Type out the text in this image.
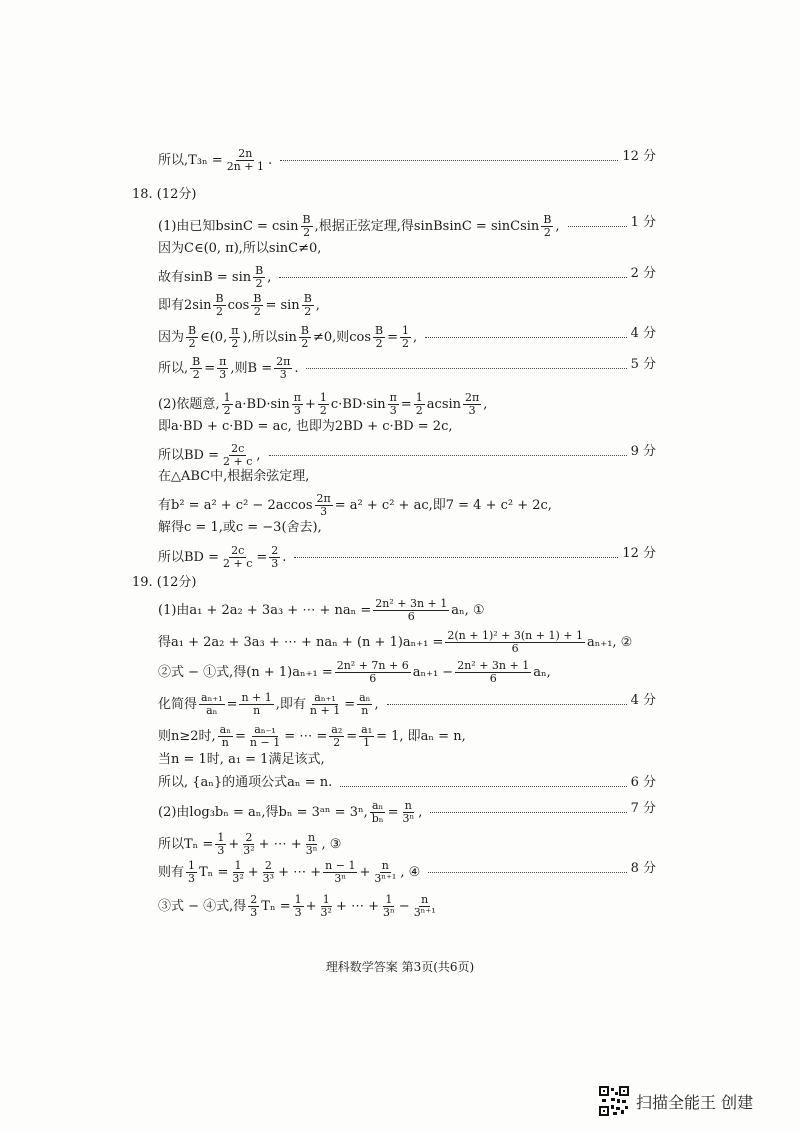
所以$,T_{3n} = \frac{2n}{2n + 1}$ .	12 分
18. (12分)
(1)由已知bsinC = csin $\frac{B}{2}$ ,根据正弦定理,得sinBsinC = sinCsin $\frac{B}{2}$ ,	1 分
因为C∈(0, π),所以sinC≠0,
故有$\sin B = \sin \frac{B}{2}$ ,	2 分
即有$2\sin \frac{B}{2}$ $\cos \frac{B}{2} = \sin \frac{B}{2}$ ,
因为 $\frac{B}{2}$ ∈(0, $\frac{\pi}{2}$ ),所以$\sin \frac{B}{2} \ne 0$,则$\cos \frac{B}{2} = \frac{1}{2}$ ,	4 分
所以, $\frac{B}{2} = \frac{\pi}{3}$ ,则$B = \frac{2\pi}{3}$ .	5 分
(2)依题意, $\frac{1}{2} a\cdot BD\cdot\sin \frac{\pi}{3} + \frac{1}{2} c\cdot BD\cdot\sin \frac{\pi}{3} = \frac{1}{2}$ acsin $\frac{2\pi}{3}$ ,
即a·BD + c·BD = ac, 也即为2BD + c·BD = 2c,
所以BD = $\frac{2c}{2 + c}$ ,	9 分
在△ABC中,根据余弦定理,
有$b^2 = a^2 + c^2 - 2accos \frac{2\pi}{3} = a^2 + c^2$ + ac,即7 = 4 + c² + 2c,
解得c = 1,或c = −3(舍去),
所以BD = $\frac{2c}{2 + c} = \frac{2}{3}$ .	12 分
19. (12分)
(1)由a₁ + 2a₂ + 3a₃ + ⋯ + $na_n = \frac{\text{2n² + 3n + 1}}{6} a_n$, ①
得a₁ + 2a₂ + 3a₃ + ⋯ + $na_n + (n + 1)a_{n+1} = \frac{\text{2(n + 1)² + 3(n + 1) + 1}}{6} a_{n+1}$, ②
②式 − ①式,得$(n + 1)a_{n+1} = \frac{\text{2n² + 7n + 6}}{6} a_{n+1} - \frac{\text{2n² + 3n + 1}}{6} a_n$,
化简得 $\frac{\text{aₙ₊₁}}{\text{aₙ}} = \frac{n + 1}{n}$ ,即有 $\frac{\text{aₙ₊₁}}{n + 1} = \frac{\text{aₙ}}{n}$ ,	4 分
则n≥2时, $\frac{\text{aₙ}}{n} = \frac{\text{aₙ₋₁}}{n - 1}$ = ⋯ = $\frac{\text{a₂}}{2} = \frac{\text{a₁}}{1} = 1$, 即aₙ = n,
当n = 1时, a₁ = 1满足该式,
所以, {aₙ}的通项公式aₙ = n.	6 分
(2)由log₃bₙ = aₙ,得bₙ = 3ᵃⁿ = 3ⁿ, $\frac{\text{aₙ}}{\text{bₙ}} = \frac{n}{\text{3ⁿ}}$ ,	7 分
所以$T_n = \frac{1}{3} + \frac{2}{\text{3²}}$ + ⋯ + $\frac{n}{\text{3ⁿ}}$ , ③
则有 $\frac{1}{3}$ $T_n = \frac{1}{\text{3²}} + \frac{2}{\text{3³}}$ + ⋯ + $\frac{n - 1}{\text{3ⁿ}} + \frac{n}{\text{3ⁿ⁺¹}}$ , ④	8 分
③式 − ④式,得 $\frac{2}{3}$ $T_n = \frac{1}{3} + \frac{1}{\text{3²}}$ + ⋯ + $\frac{1}{\text{3ⁿ}} - \frac{n}{\text{3ⁿ⁺¹}}$
理科数学答案 第3页(共6页)
扫描全能王 创建
